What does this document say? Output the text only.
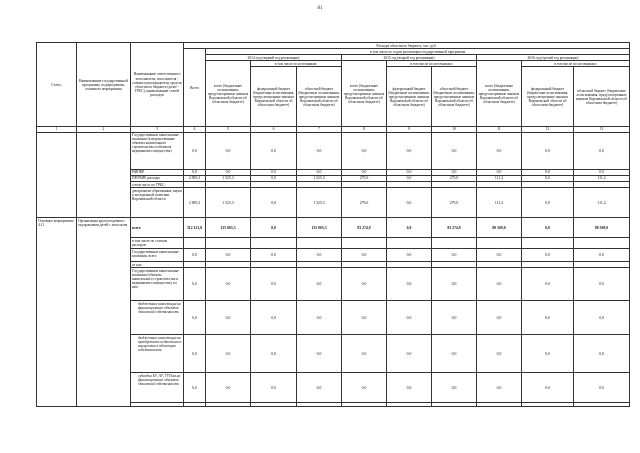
81
Статус	Наименование государственной программы, подпрограммы, основного мероприятия	Наименование ответственного исполнителя, исполнителя - главного распорядителя средств областного бюджета (далее - ГРБС), наименование статей расходов	Расходы областного бюджета, тыс. руб.									
			Всего	в том числе по годам реализации государственной программы								
				2014 год (первый год реализации)			2015 год (второй год реализации)			2016 год (третий год реализации)		
				всего (бюджетные ассигнования, предусмотренные законом Воронежской области об областном бюджете)	в том числе по источникам:		всего (бюджетные ассигнования, предусмотренные законом Воронежской области об областном бюджете)	в том числе по источникам:		всего (бюджетные ассигнования, предусмотренные законом Воронежской области об областном бюджете)	в том числе по источникам:	
					федеральный бюджет (бюджетные ассигнования, предусмотренные законом Воронежской области об областном бюджете)	областной бюджет (бюджетные ассигнования, предусмотренные законом Воронежской области об областном бюджете)		федеральный бюджет (бюджетные ассигнования, предусмотренные законом Воронежской области об областном бюджете)	областной бюджет (бюджетные ассигнования, предусмотренные законом Воронежской области об областном бюджете)		федеральный бюджет (бюджетные ассигнования, предусмотренные законом Воронежской области об областном бюджете)	областной бюджет (бюджетные ассигнования, предусмотренные законом Воронежской области об областном бюджете)
1	2	3	4	5	6	7	8	9	10	11	12	13
		Государственные капитальные вложения (в ведомственные объекты капитального строительства и объектов недвижимого имущества)	0,0	0,0	0,0	0,0	0,0	0,0	0,0	0,0	0,0	0,0
		НИОКР	0,0	0,0	0,0	0,0	0,0	0,0	0,0	0,0	0,0	0,0
		ПРОЧИЕ расходы	2 885,3	1 525,3	0,0	1 525,3	279,0	0,0	279,0	111,2	0,0	111,2
		в том числе по ГРБС:										
		департамент образования, науки и молодежной политики Воронежской области	2 885,3	1 525,3	0,0	1 525,3	279,0	0,0	279,0	111,2	0,0	111,2
Основное мероприятие 4.11	Организация круглогодичного оздоровления детей с использов	всего	312 121,8	135 065,3	0,0	135 065,3	83 274,9	0,0	83 274,9	80 569,0	0,0	80 569,0
		в том числе по статьям расходов:										
		Государственные капитальные вложения, всего	0,0	0,0	0,0	0,0	0,0	0,0	0,0	0,0	0,0	0,0
		из них:										
		Государственные капитальные вложения (объекты капитального строительства и недвижимого имущества), из них:	0,0	0,0	0,0	0,0	0,0	0,0	0,0	0,0	0,0	0,0
		бюджетные инвестиции на финансирование объектов областной собственности	0,0	0,0	0,0	0,0	0,0	0,0	0,0	0,0	0,0	0,0
		бюджетные инвестиции на приобретение недвижимого имущества в областную собственность	0,0	0,0	0,0	0,0	0,0	0,0	0,0	0,0	0,0	0,0
		субсидии БУ, АУ, ГУПам на финансирование объектов областной собственности	0,0	0,0	0,0	0,0	0,0	0,0	0,0	0,0	0,0	0,0
